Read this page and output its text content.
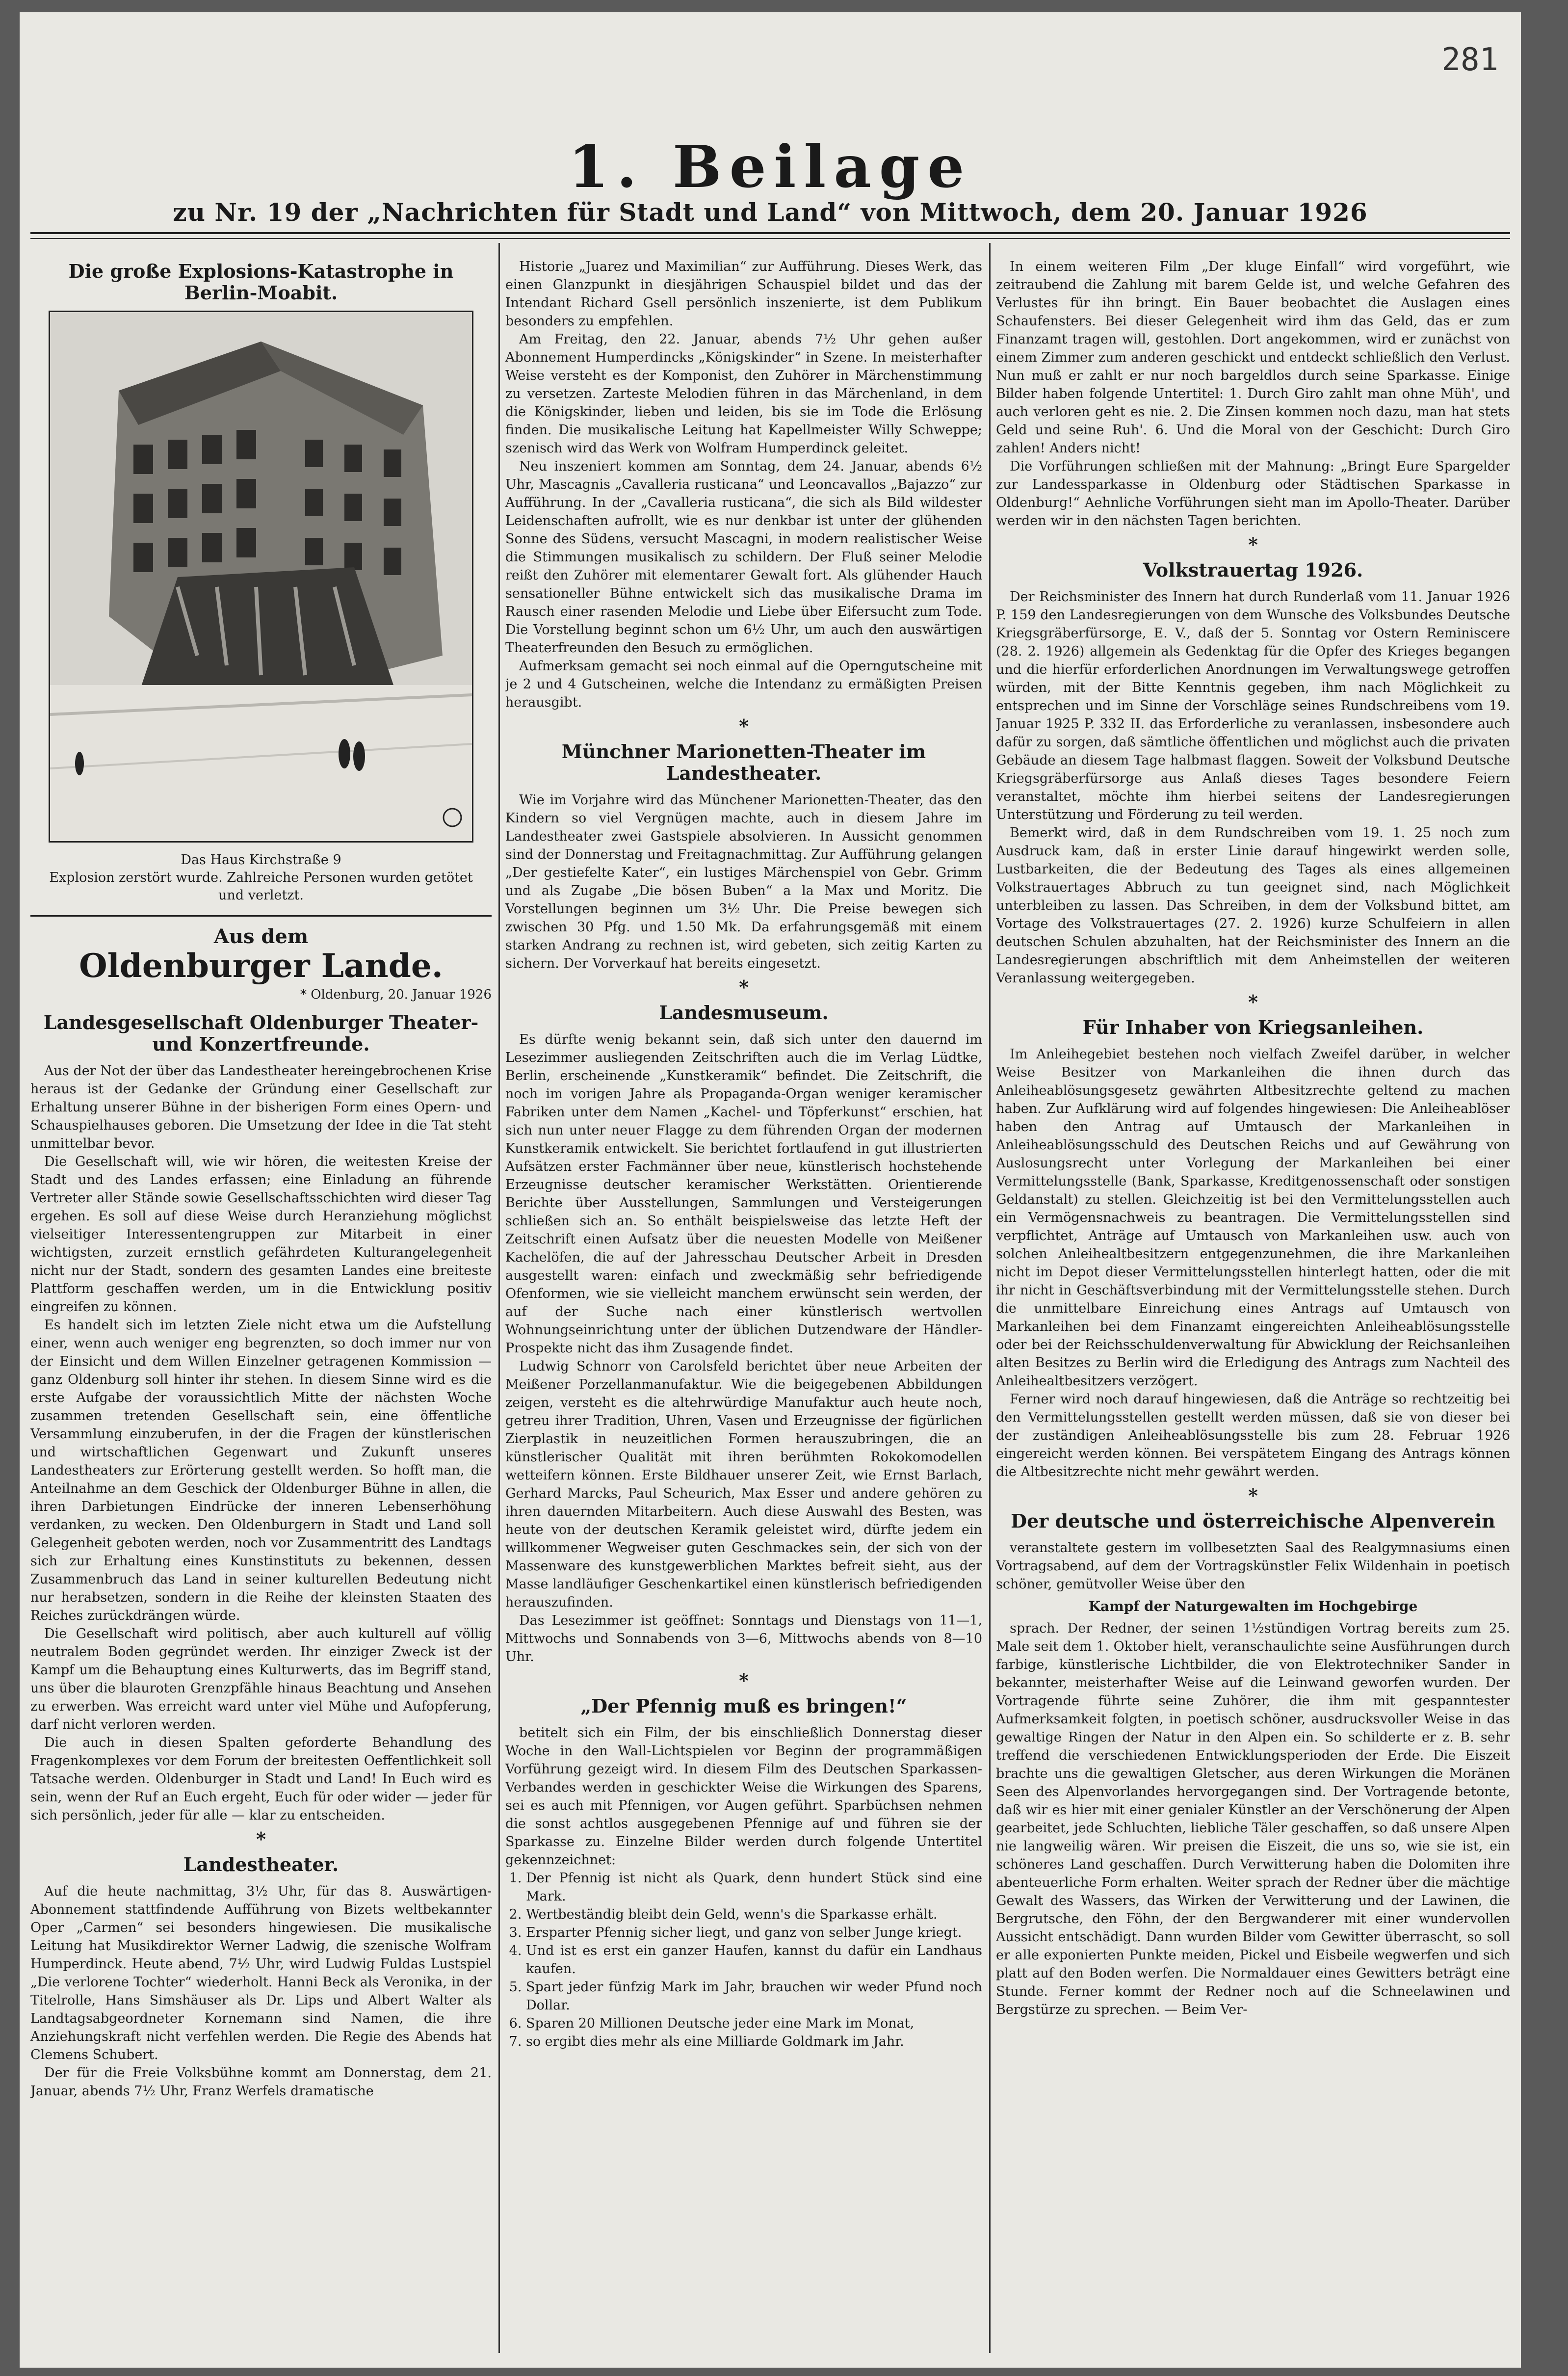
281
1. Beilage
zu Nr. 19 der „Nachrichten für Stadt und Land“ von Mittwoch, dem 20. Januar 1926
Die große Explosions-Katastrophe in Berlin-Moabit.
Das Haus Kirchstraße 9
Explosion zerstört wurde. Zahlreiche Personen wurden getötet und verletzt.
Aus dem
Oldenburger Lande.
* Oldenburg, 20. Januar 1926
Landesgesellschaft Oldenburger Theater- und Konzertfreunde.

Aus der Not der über das Landestheater hereingebrochenen Krise heraus ist der Gedanke der Gründung einer Gesellschaft zur Erhaltung unserer Bühne in der bisherigen Form eines Opern- und Schauspielhauses geboren. Die Umsetzung der Idee in die Tat steht unmittelbar bevor.

Die Gesellschaft will, wie wir hören, die weitesten Kreise der Stadt und des Landes erfassen; eine Einladung an führende Vertreter aller Stände sowie Gesellschaftsschichten wird dieser Tag ergehen. Es soll auf diese Weise durch Heranziehung möglichst vielseitiger Interessentengruppen zur Mitarbeit in einer wichtigsten, zurzeit ernstlich gefährdeten Kulturangelegenheit nicht nur der Stadt, sondern des gesamten Landes eine breiteste Plattform geschaffen werden, um in die Entwicklung positiv eingreifen zu können.

Es handelt sich im letzten Ziele nicht etwa um die Aufstellung einer, wenn auch weniger eng begrenzten, so doch immer nur von der Einsicht und dem Willen Einzelner getragenen Kommission — ganz Oldenburg soll hinter ihr stehen. In diesem Sinne wird es die erste Aufgabe der voraussichtlich Mitte der nächsten Woche zusammen tretenden Gesellschaft sein, eine öffentliche Versammlung einzuberufen, in der die Fragen der künstlerischen und wirtschaftlichen Gegenwart und Zukunft unseres Landestheaters zur Erörterung gestellt werden. So hofft man, die Anteilnahme an dem Geschick der Oldenburger Bühne in allen, die ihren Darbietungen Eindrücke der inneren Lebenserhöhung verdanken, zu wecken. Den Oldenburgern in Stadt und Land soll Gelegenheit geboten werden, noch vor Zusammentritt des Landtags sich zur Erhaltung eines Kunstinstituts zu bekennen, dessen Zusammenbruch das Land in seiner kulturellen Bedeutung nicht nur herabsetzen, sondern in die Reihe der kleinsten Staaten des Reiches zurückdrängen würde.

Die Gesellschaft wird politisch, aber auch kulturell auf völlig neutralem Boden gegründet werden. Ihr einziger Zweck ist der Kampf um die Behauptung eines Kulturwerts, das im Begriff stand, uns über die blauroten Grenzpfähle hinaus Beachtung und Ansehen zu erwerben. Was erreicht ward unter viel Mühe und Aufopferung, darf nicht verloren werden.

Die auch in diesen Spalten geforderte Behandlung des Fragenkomplexes vor dem Forum der breitesten Oeffentlichkeit soll Tatsache werden. Oldenburger in Stadt und Land! In Euch wird es sein, wenn der Ruf an Euch ergeht, Euch für oder wider — jeder für sich persönlich, jeder für alle — klar zu entscheiden.

*
Landestheater.

Auf die heute nachmittag, 3½ Uhr, für das 8. Auswärtigen-Abonnement stattfindende Aufführung von Bizets weltbekannter Oper „Carmen“ sei besonders hingewiesen. Die musikalische Leitung hat Musikdirektor Werner Ladwig, die szenische Wolfram Humperdinck. Heute abend, 7½ Uhr, wird Ludwig Fuldas Lustspiel „Die verlorene Tochter“ wiederholt. Hanni Beck als Veronika, in der Titelrolle, Hans Simshäuser als Dr. Lips und Albert Walter als Landtagsabgeordneter Kornemann sind Namen, die ihre Anziehungskraft nicht verfehlen werden. Die Regie des Abends hat Clemens Schubert.

Der für die Freie Volksbühne kommt am Donnerstag, dem 21. Januar, abends 7½ Uhr, Franz Werfels dramatische

Historie „Juarez und Maximilian“ zur Aufführung. Dieses Werk, das einen Glanzpunkt in diesjährigen Schauspiel bildet und das der Intendant Richard Gsell persönlich inszenierte, ist dem Publikum besonders zu empfehlen.

Am Freitag, den 22. Januar, abends 7½ Uhr gehen außer Abonnement Humperdincks „Königskinder“ in Szene. In meisterhafter Weise versteht es der Komponist, den Zuhörer in Märchenstimmung zu versetzen. Zarteste Melodien führen in das Märchenland, in dem die Königskinder, lieben und leiden, bis sie im Tode die Erlösung finden. Die musikalische Leitung hat Kapellmeister Willy Schweppe; szenisch wird das Werk von Wolfram Humperdinck geleitet.

Neu inszeniert kommen am Sonntag, dem 24. Januar, abends 6½ Uhr, Mascagnis „Cavalleria rusticana“ und Leoncavallos „Bajazzo“ zur Aufführung. In der „Cavalleria rusticana“, die sich als Bild wildester Leidenschaften aufrollt, wie es nur denkbar ist unter der glühenden Sonne des Südens, versucht Mascagni, in modern realistischer Weise die Stimmungen musikalisch zu schildern. Der Fluß seiner Melodie reißt den Zuhörer mit elementarer Gewalt fort. Als glühender Hauch sensationeller Bühne entwickelt sich das musikalische Drama im Rausch einer rasenden Melodie und Liebe über Eifersucht zum Tode. Die Vorstellung beginnt schon um 6½ Uhr, um auch den auswärtigen Theaterfreunden den Besuch zu ermöglichen.

Aufmerksam gemacht sei noch einmal auf die Operngutscheine mit je 2 und 4 Gutscheinen, welche die Intendanz zu ermäßigten Preisen herausgibt.

*
Münchner Marionetten-Theater im Landestheater.

Wie im Vorjahre wird das Münchener Marionetten-Theater, das den Kindern so viel Vergnügen machte, auch in diesem Jahre im Landestheater zwei Gastspiele absolvieren. In Aussicht genommen sind der Donnerstag und Freitagnachmittag. Zur Aufführung gelangen „Der gestiefelte Kater“, ein lustiges Märchenspiel von Gebr. Grimm und als Zugabe „Die bösen Buben“ a la Max und Moritz. Die Vorstellungen beginnen um 3½ Uhr. Die Preise bewegen sich zwischen 30 Pfg. und 1.50 Mk. Da erfahrungsgemäß mit einem starken Andrang zu rechnen ist, wird gebeten, sich zeitig Karten zu sichern. Der Vorverkauf hat bereits eingesetzt.

*
Landesmuseum.

Es dürfte wenig bekannt sein, daß sich unter den dauernd im Lesezimmer ausliegenden Zeitschriften auch die im Verlag Lüdtke, Berlin, erscheinende „Kunstkeramik“ befindet. Die Zeitschrift, die noch im vorigen Jahre als Propaganda-Organ weniger keramischer Fabriken unter dem Namen „Kachel- und Töpferkunst“ erschien, hat sich nun unter neuer Flagge zu dem führenden Organ der modernen Kunstkeramik entwickelt. Sie berichtet fortlaufend in gut illustrierten Aufsätzen erster Fachmänner über neue, künstlerisch hochstehende Erzeugnisse deutscher keramischer Werkstätten. Orientierende Berichte über Ausstellungen, Sammlungen und Versteigerungen schließen sich an. So enthält beispielsweise das letzte Heft der Zeitschrift einen Aufsatz über die neuesten Modelle von Meißener Kachelöfen, die auf der Jahresschau Deutscher Arbeit in Dresden ausgestellt waren: einfach und zweckmäßig sehr befriedigende Ofenformen, wie sie vielleicht manchem erwünscht sein werden, der auf der Suche nach einer künstlerisch wertvollen Wohnungseinrichtung unter der üblichen Dutzendware der Händler-Prospekte nicht das ihm Zusagende findet.

Ludwig Schnorr von Carolsfeld berichtet über neue Arbeiten der Meißener Porzellanmanufaktur. Wie die beigegebenen Abbildungen zeigen, versteht es die altehrwürdige Manufaktur auch heute noch, getreu ihrer Tradition, Uhren, Vasen und Erzeugnisse der figürlichen Zierplastik in neuzeitlichen Formen herauszubringen, die an künstlerischer Qualität mit ihren berühmten Rokokomodellen wetteifern können. Erste Bildhauer unserer Zeit, wie Ernst Barlach, Gerhard Marcks, Paul Scheurich, Max Esser und andere gehören zu ihren dauernden Mitarbeitern. Auch diese Auswahl des Besten, was heute von der deutschen Keramik geleistet wird, dürfte jedem ein willkommener Wegweiser guten Geschmackes sein, der sich von der Massenware des kunstgewerblichen Marktes befreit sieht, aus der Masse landläufiger Geschenkartikel einen künstlerisch befriedigenden herauszufinden.

Das Lesezimmer ist geöffnet: Sonntags und Dienstags von 11—1, Mittwochs und Sonnabends von 3—6, Mittwochs abends von 8—10 Uhr.

*
„Der Pfennig muß es bringen!“

betitelt sich ein Film, der bis einschließlich Donnerstag dieser Woche in den Wall-Lichtspielen vor Beginn der programmäßigen Vorführung gezeigt wird. In diesem Film des Deutschen Sparkassen-Verbandes werden in geschickter Weise die Wirkungen des Sparens, sei es auch mit Pfennigen, vor Augen geführt. Sparbüchsen nehmen die sonst achtlos ausgegebenen Pfennige auf und führen sie der Sparkasse zu. Einzelne Bilder werden durch folgende Untertitel gekennzeichnet:

1. Der Pfennig ist nicht als Quark, denn hundert Stück sind eine Mark.
2. Wertbeständig bleibt dein Geld, wenn's die Sparkasse erhält.
3. Ersparter Pfennig sicher liegt, und ganz von selber Junge kriegt.
4. Und ist es erst ein ganzer Haufen, kannst du dafür ein Landhaus kaufen.
5. Spart jeder fünfzig Mark im Jahr, brauchen wir weder Pfund noch Dollar.
6. Sparen 20 Millionen Deutsche jeder eine Mark im Monat,
7. so ergibt dies mehr als eine Milliarde Goldmark im Jahr.

In einem weiteren Film „Der kluge Einfall“ wird vorgeführt, wie zeitraubend die Zahlung mit barem Gelde ist, und welche Gefahren des Verlustes für ihn bringt. Ein Bauer beobachtet die Auslagen eines Schaufensters. Bei dieser Gelegenheit wird ihm das Geld, das er zum Finanzamt tragen will, gestohlen. Dort angekommen, wird er zunächst von einem Zimmer zum anderen geschickt und entdeckt schließlich den Verlust. Nun muß er zahlt er nur noch bargeldlos durch seine Sparkasse. Einige Bilder haben folgende Untertitel: 1. Durch Giro zahlt man ohne Müh', und auch verloren geht es nie. 2. Die Zinsen kommen noch dazu, man hat stets Geld und seine Ruh'. 6. Und die Moral von der Geschicht: Durch Giro zahlen! Anders nicht!

Die Vorführungen schließen mit der Mahnung: „Bringt Eure Spargelder zur Landessparkasse in Oldenburg oder Städtischen Sparkasse in Oldenburg!“ Aehnliche Vorführungen sieht man im Apollo-Theater. Darüber werden wir in den nächsten Tagen berichten.

*
Volkstrauertag 1926.

Der Reichsminister des Innern hat durch Runderlaß vom 11. Januar 1926 P. 159 den Landesregierungen von dem Wunsche des Volksbundes Deutsche Kriegsgräberfürsorge, E. V., daß der 5. Sonntag vor Ostern Reminiscere (28. 2. 1926) allgemein als Gedenktag für die Opfer des Krieges begangen und die hierfür erforderlichen Anordnungen im Verwaltungswege getroffen würden, mit der Bitte Kenntnis gegeben, ihm nach Möglichkeit zu entsprechen und im Sinne der Vorschläge seines Rundschreibens vom 19. Januar 1925 P. 332 II. das Erforderliche zu veranlassen, insbesondere auch dafür zu sorgen, daß sämtliche öffentlichen und möglichst auch die privaten Gebäude an diesem Tage halbmast flaggen. Soweit der Volksbund Deutsche Kriegsgräberfürsorge aus Anlaß dieses Tages besondere Feiern veranstaltet, möchte ihm hierbei seitens der Landesregierungen Unterstützung und Förderung zu teil werden.

Bemerkt wird, daß in dem Rundschreiben vom 19. 1. 25 noch zum Ausdruck kam, daß in erster Linie darauf hingewirkt werden solle, Lustbarkeiten, die der Bedeutung des Tages als eines allgemeinen Volkstrauertages Abbruch zu tun geeignet sind, nach Möglichkeit unterbleiben zu lassen. Das Schreiben, in dem der Volksbund bittet, am Vortage des Volkstrauertages (27. 2. 1926) kurze Schulfeiern in allen deutschen Schulen abzuhalten, hat der Reichsminister des Innern an die Landesregierungen abschriftlich mit dem Anheimstellen der weiteren Veranlassung weitergegeben.

*
Für Inhaber von Kriegsanleihen.

Im Anleihegebiet bestehen noch vielfach Zweifel darüber, in welcher Weise Besitzer von Markanleihen die ihnen durch das Anleiheablösungsgesetz gewährten Altbesitzrechte geltend zu machen haben. Zur Aufklärung wird auf folgendes hingewiesen: Die Anleiheablöser haben den Antrag auf Umtausch der Markanleihen in Anleiheablösungsschuld des Deutschen Reichs und auf Gewährung von Auslosungsrecht unter Vorlegung der Markanleihen bei einer Vermittelungsstelle (Bank, Sparkasse, Kreditgenossenschaft oder sonstigen Geldanstalt) zu stellen. Gleichzeitig ist bei den Vermittelungsstellen auch ein Vermögensnachweis zu beantragen. Die Vermittelungsstellen sind verpflichtet, Anträge auf Umtausch von Markanleihen usw. auch von solchen Anleihealtbesitzern entgegenzunehmen, die ihre Markanleihen nicht im Depot dieser Vermittelungsstellen hinterlegt hatten, oder die mit ihr nicht in Geschäftsverbindung mit der Vermittelungsstelle stehen. Durch die unmittelbare Einreichung eines Antrags auf Umtausch von Markanleihen bei dem Finanzamt eingereichten Anleiheablösungsstelle oder bei der Reichsschuldenverwaltung für Abwicklung der Reichsanleihen alten Besitzes zu Berlin wird die Erledigung des Antrags zum Nachteil des Anleihealtbesitzers verzögert.

Ferner wird noch darauf hingewiesen, daß die Anträge so rechtzeitig bei den Vermittelungsstellen gestellt werden müssen, daß sie von dieser bei der zuständigen Anleiheablösungsstelle bis zum 28. Februar 1926 eingereicht werden können. Bei verspätetem Eingang des Antrags können die Altbesitzrechte nicht mehr gewährt werden.

*
Der deutsche und österreichische Alpenverein

veranstaltete gestern im vollbesetzten Saal des Realgymnasiums einen Vortragsabend, auf dem der Vortragskünstler Felix Wildenhain in poetisch schöner, gemütvoller Weise über den

Kampf der Naturgewalten im Hochgebirge

sprach. Der Redner, der seinen 1½stündigen Vortrag bereits zum 25. Male seit dem 1. Oktober hielt, veranschaulichte seine Ausführungen durch farbige, künstlerische Lichtbilder, die von Elektrotechniker Sander in bekannter, meisterhafter Weise auf die Leinwand geworfen wurden. Der Vortragende führte seine Zuhörer, die ihm mit gespanntester Aufmerksamkeit folgten, in poetisch schöner, ausdrucksvoller Weise in das gewaltige Ringen der Natur in den Alpen ein. So schilderte er z. B. sehr treffend die verschiedenen Entwicklungsperioden der Erde. Die Eiszeit brachte uns die gewaltigen Gletscher, aus deren Wirkungen die Moränen Seen des Alpenvorlandes hervorgegangen sind. Der Vortragende betonte, daß wir es hier mit einer genialer Künstler an der Verschönerung der Alpen gearbeitet, jede Schluchten, liebliche Täler geschaffen, so daß unsere Alpen nie langweilig wären. Wir preisen die Eiszeit, die uns so, wie sie ist, ein schöneres Land geschaffen. Durch Verwitterung haben die Dolomiten ihre abenteuerliche Form erhalten. Weiter sprach der Redner über die mächtige Gewalt des Wassers, das Wirken der Verwitterung und der Lawinen, die Bergrutsche, den Föhn, der den Bergwanderer mit einer wundervollen Aussicht entschädigt. Dann wurden Bilder vom Gewitter überrascht, so soll er alle exponierten Punkte meiden, Pickel und Eisbeile wegwerfen und sich platt auf den Boden werfen. Die Normaldauer eines Gewitters beträgt eine Stunde. Ferner kommt der Redner noch auf die Schneelawinen und Bergstürze zu sprechen. — Beim Ver-
